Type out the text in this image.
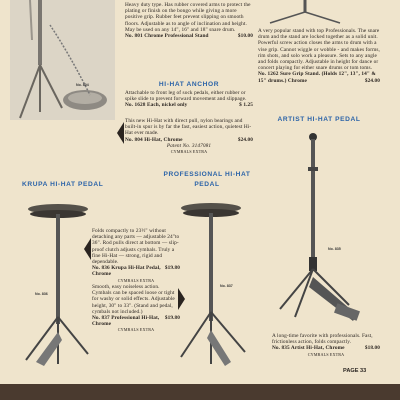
No. 804

Heavy duty type. Has rubber covered arms to protect the plating or finish on the bongo while giving a more positive grip. Rubber feet prevent slipping on smooth floors. Adjustable as to angle of inclination and height. May be used on any 14", 16" and 18" snare drum.

No. 801 Chrome Professional Stand	$10.00

A very popular stand with top Professionals. The snare drum and the stand are locked together as a solid unit. Powerful screw action closes the arms to drum with a vise grip. Cannot wiggle or wobble - and makes forms, rim shots, and solo work a pleasure. Sets to any angle and folds compactly. Adjustable in height for dance or concert playing for either snare drums or tom toms.

No. 1262 Sure Grip Stand. (Holds 12", 13", 14" & 15" drums.) Chrome	$24.00
HI-HAT ANCHOR

Attachable to front leg of sock pedals, either rubber or spike slide to prevent forward movement and slippage.

No. 1628 Each, nickel only	$ 1.25

This new Hi-Hat with direct pull, nylon bearings and built-in spur is by far the fast, easiest action, quietest Hi-Hat ever made.

No. 804 Hi-Hat, Chrome	$24.00

Patent No. 3147081

CYMBALS EXTRA

ARTIST HI-HAT PEDAL
No. 835

A long-time favorite with professionals. Fast, frictionless action, folds compactly.

No. 835 Artist Hi-Hat, Chrome	$18.00

CYMBALS EXTRA

KRUPA HI-HAT PEDAL
No. 836
PROFESSIONAL HI-HAT
PEDAL
No. 837

Folds compactly to 23½" without detaching any parts — adjustable 24"to 36". Rod pulls direct at bottom — slip-proof clutch adjusts cymbals. Truly a fine Hi-Hat — strong, rigid and dependable.

No. 836 Krupa Hi-Hat Pedal, Chrome
$19.80

CYMBALS EXTRA

Smooth, easy noiseless action. Cymbals can be spaced loose or tight for washy or solid effects. Adjustable height, 30" to 33". (Stand and pedal, cymbals not included.)

No. 837 Professional Hi-Hat, Chrome
$19.80

CYMBALS EXTRA

PAGE 33
